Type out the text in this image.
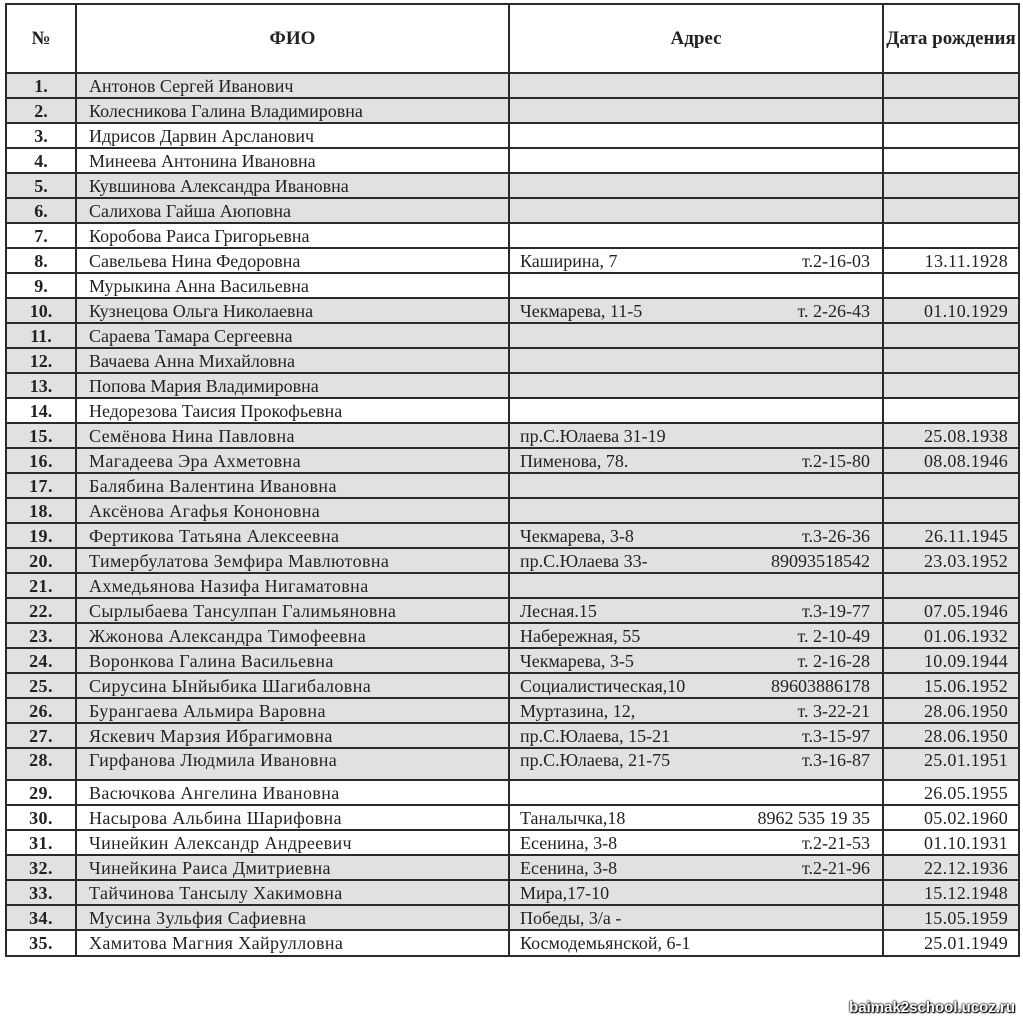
№	ФИО	Адрес	Дата рождения
1.	Антонов Сергей Иванович	

2.	Колесникова Галина Владимировна	

3.	Идрисов Дарвин Арсланович	

4.	Минеева Антонина Ивановна	

5.	Кувшинова Александра Ивановна	

6.	Салихова Гайша Аюповна	

7.	Коробова Раиса Григорьевна	

8.	Савельева Нина Федоровна	Каширина, 7 т.2-16-03	13.11.1928
9.	Мурыкина Анна Васильевна	

10.	Кузнецова Ольга Николаевна	Чекмарева, 11-5 т. 2-26-43	01.10.1929
11.	Сараева Тамара Сергеевна	

12.	Вачаева Анна Михайловна	

13.	Попова Мария Владимировна	

14.	Недорезова Таисия Прокофьевна	

15.	Семёнова Нина Павловна	пр.С.Юлаева 31-19	25.08.1938
16.	Магадеева Эра Ахметовна	Пименова, 78. т.2-15-80	08.08.1946
17.	Балябина Валентина Ивановна	

18.	Аксёнова Агафья Кононовна	

19.	Фертикова Татьяна Алексеевна	Чекмарева, 3-8 т.3-26-36	26.11.1945
20.	Тимербулатова Земфира Мавлютовна	пр.С.Юлаева 33- 89093518542	23.03.1952
21.	Ахмедьянова Назифа Нигаматовна	

22.	Сырлыбаева Тансулпан Галимьяновна	Лесная.15 т.3-19-77	07.05.1946
23.	Жжонова Александра Тимофеевна	Набережная, 55 т. 2-10-49	01.06.1932
24.	Воронкова Галина Васильевна	Чекмарева, 3-5 т. 2-16-28	10.09.1944
25.	Сирусина Ынйыбика Шагибаловна	Социалистическая,10 89603886178	15.06.1952
26.	Бурангаева Альмира Варовна	Муртазина, 12, т. 3-22-21	28.06.1950
27.	Яскевич Марзия Ибрагимовна	пр.С.Юлаева, 15-21 т.3-15-97	28.06.1950
28.	Гирфанова Людмила Ивановна	пр.С.Юлаева, 21-75 т.3-16-87	25.01.1951
29.	Васючкова Ангелина Ивановна		26.05.1955
30.	Насырова Альбина Шарифовна	Таналычка,18 8962 535 19 35	05.02.1960
31.	Чинейкин Александр Андреевич	Есенина, 3-8 т.2-21-53	01.10.1931
32.	Чинейкина Раиса Дмитриевна	Есенина, 3-8 т.2-21-96	22.12.1936
33.	Тайчинова Тансылу Хакимовна	Мира,17-10	15.12.1948
34.	Мусина Зульфия Сафиевна	Победы, 3/а -	15.05.1959
35.	Хамитова Магния Хайрулловна	Космодемьянской, 6-1	25.01.1949
baimak2school.ucoz.ru
